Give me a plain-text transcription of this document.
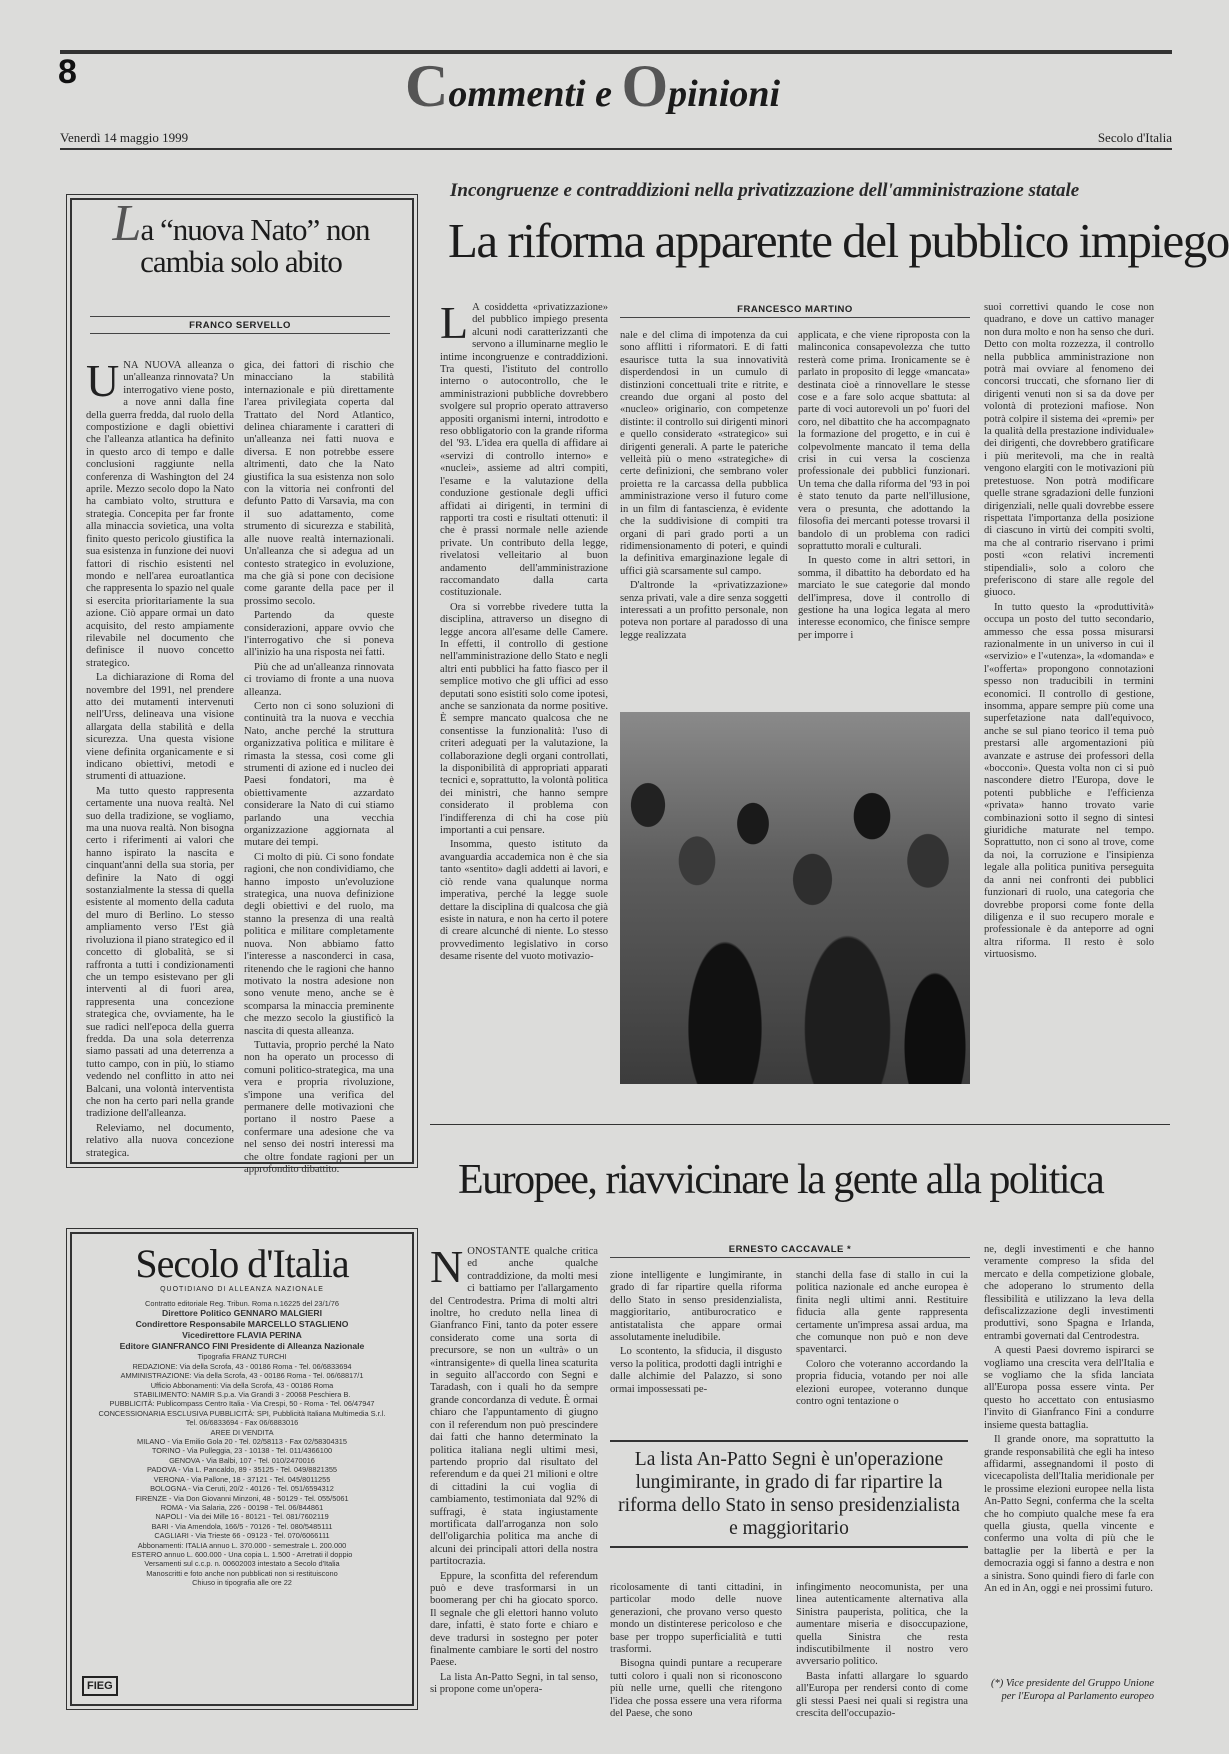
8	Commenti e Opinioni
Venerdì 14 maggio 1999	Secolo d'Italia
La “nuova Nato” non cambia solo abito
FRANCO SERVELLO

UNA NUOVA alleanza o un'alleanza rinnovata? Un interrogativo viene posto, a nove anni dalla fine della guerra fredda, dal ruolo della compostizione e dagli obiettivi che l'alleanza atlantica ha definito in questo arco di tempo e dalle conclusioni raggiunte nella conferenza di Washington del 24 aprile. Mezzo secolo dopo la Nato ha cambiato volto, struttura e strategia. Concepita per far fronte alla minaccia sovietica, una volta finito questo pericolo giustifica la sua esistenza in funzione dei nuovi fattori di rischio esistenti nel mondo e nell'area euroatlantica che rappresenta lo spazio nel quale si esercita prioritariamente la sua azione. Ciò appare ormai un dato acquisito, del resto ampiamente rilevabile nel documento che definisce il nuovo concetto strategico.

La dichiarazione di Roma del novembre del 1991, nel prendere atto dei mutamenti intervenuti nell'Urss, delineava una visione allargata della stabilità e della sicurezza. Una questa visione viene definita organicamente e si indicano obiettivi, metodi e strumenti di attuazione.

Ma tutto questo rappresenta certamente una nuova realtà. Nel suo della tradizione, se vogliamo, ma una nuova realtà. Non bisogna certo i riferimenti ai valori che hanno ispirato la nascita e cinquant'anni della sua storia, per definire la Nato di oggi sostanzialmente la stessa di quella esistente al momento della caduta del muro di Berlino. Lo stesso ampliamento verso l'Est già rivoluziona il piano strategico ed il concetto di globalità, se si raffronta a tutti i condizionamenti che un tempo esistevano per gli interventi al di fuori area, rappresenta una concezione strategica che, ovviamente, ha le sue radici nell'epoca della guerra fredda. Da una sola deterrenza siamo passati ad una deterrenza a tutto campo, con in più, lo stiamo vedendo nel conflitto in atto nei Balcani, una volontà interventista che non ha certo pari nella grande tradizione dell'alleanza.

Releviamo, nel documento, relativo alla nuova concezione strategica.

gica, dei fattori di rischio che minacciano la stabilità internazionale e più direttamente l'area privilegiata coperta dal Trattato del Nord Atlantico, delinea chiaramente i caratteri di un'alleanza nei fatti nuova e diversa. E non potrebbe essere altrimenti, dato che la Nato giustifica la sua esistenza non solo con la vittoria nei confronti del defunto Patto di Varsavia, ma con il suo adattamento, come strumento di sicurezza e stabilità, alle nuove realtà internazionali. Un'alleanza che si adegua ad un contesto strategico in evoluzione, ma che già si pone con decisione come garante della pace per il prossimo secolo.

Partendo da queste considerazioni, appare ovvio che l'interrogativo che si poneva all'inizio ha una risposta nei fatti.

Più che ad un'alleanza rinnovata ci troviamo di fronte a una nuova alleanza.

Certo non ci sono soluzioni di continuità tra la nuova e vecchia Nato, anche perché la struttura organizzativa politica e militare è rimasta la stessa, così come gli strumenti di azione ed i nucleo dei Paesi fondatori, ma è obiettivamente azzardato considerare la Nato di cui stiamo parlando una vecchia organizzazione aggiornata al mutare dei tempi.

Ci molto di più. Ci sono fondate ragioni, che non condividiamo, che hanno imposto un'evoluzione strategica, una nuova definizione degli obiettivi e del ruolo, ma stanno la presenza di una realtà politica e militare completamente nuova. Non abbiamo fatto l'interesse a nasconderci in casa, ritenendo che le ragioni che hanno motivato la nostra adesione non sono venute meno, anche se è scomparsa la minaccia preminente che mezzo secolo la giustificò la nascita di questa alleanza.

Tuttavia, proprio perché la Nato non ha operato un processo di comuni politico-strategica, ma una vera e propria rivoluzione, s'impone una verifica del permanere delle motivazioni che portano il nostro Paese a confermare una adesione che va nel senso dei nostri interessi ma che oltre fondate ragioni per un approfondito dibattito.

Secolo d'Italia
QUOTIDIANO DI ALLEANZA NAZIONALE
Contratto editoriale Reg. Tribun. Roma n.16225 del 23/1/76
Direttore Politico GENNARO MALGIERI
Condirettore Responsabile MARCELLO STAGLIENO
Vicedirettore FLAVIA PERINA
Editore GIANFRANCO FINI Presidente di Alleanza Nazionale
Tipografia FRANZ TURCHI
REDAZIONE: Via della Scrofa, 43 - 00186 Roma - Tel. 06/6833694
AMMINISTRAZIONE: Via della Scrofa, 43 - 00186 Roma - Tel. 06/68817/1
Ufficio Abbonamenti: Via della Scrofa, 43 - 00186 Roma
STABILIMENTO: NAMIR S.p.a. Via Grandi 3 - 20068 Peschiera B.
PUBBLICITÀ: Publicompass Centro Italia - Via Crespi, 50 - Roma - Tel. 06/47947
CONCESSIONARIA ESCLUSIVA PUBBLICITÀ: SPI, Pubblicità Italiana Multimedia S.r.l.
Tel. 06/6833694 - Fax 06/6883016
AREE DI VENDITA
MILANO - Via Emilio Gola 20 - Tel. 02/58113 - Fax 02/58304315
TORINO - Via Pulleggia, 23 - 10138 - Tel. 011/4366100
GENOVA - Via Balbi, 107 - Tel. 010/2470016
PADOVA - Via L. Pancaldo, 89 - 35125 - Tel. 049/8821355
VERONA - Via Pallone, 18 - 37121 - Tel. 045/8011255
BOLOGNA - Via Ceruti, 20/2 - 40126 - Tel. 051/6594312
FIRENZE - Via Don Giovanni Minzoni, 48 - 50129 - Tel. 055/5061
ROMA - Via Salaria, 226 - 00198 - Tel. 06/844861
NAPOLI - Via dei Mille 16 - 80121 - Tel. 081/7602119
BARI - Via Amendola, 166/5 - 70126 - Tel. 080/5485111
CAGLIARI - Via Trieste 66 - 09123 - Tel. 070/6066111
Abbonamenti: ITALIA annuo L. 370.000 - semestrale L. 200.000
ESTERO annuo L. 600.000 - Una copia L. 1.500 - Arretrati il doppio
Versamenti sul c.c.p. n. 00602003 intestato a Secolo d'Italia
Manoscritti e foto anche non pubblicati non si restituiscono
Chiuso in tipografia alle ore 22
FIEG
Incongruenze e contraddizioni nella privatizzazione dell'amministrazione statale
La riforma apparente del pubblico impiego

L A cosiddetta «privatizzazione» del pubblico impiego presenta alcuni nodi caratterizzanti che servono a illuminarne meglio le intime incongruenze e contraddizioni. Tra questi, l'istituto del controllo interno o autocontrollo, che le amministrazioni pubbliche dovrebbero svolgere sul proprio operato attraverso appositi organismi interni, introdotto e reso obbligatorio con la grande riforma del '93. L'idea era quella di affidare ai «servizi di controllo interno» e «nuclei», assieme ad altri compiti, l'esame e la valutazione della conduzione gestionale degli uffici affidati ai dirigenti, in termini di rapporti tra costi e risultati ottenuti: il che è prassi normale nelle aziende private. Un contributo della legge, rivelatosi velleitario al buon andamento dell'amministrazione raccomandato dalla carta costituzionale.

Ora si vorrebbe rivedere tutta la disciplina, attraverso un disegno di legge ancora all'esame delle Camere. In effetti, il controllo di gestione nell'amministrazione dello Stato e negli altri enti pubblici ha fatto fiasco per il semplice motivo che gli uffici ad esso deputati sono esistiti solo come ipotesi, anche se sanzionata da norme positive. È sempre mancato qualcosa che ne consentisse la funzionalità: l'uso di criteri adeguati per la valutazione, la collaborazione degli organi controllati, la disponibilità di appropriati apparati tecnici e, soprattutto, la volontà politica dei ministri, che hanno sempre considerato il problema con l'indifferenza di chi ha cose più importanti a cui pensare.

Insomma, questo istituto da avanguardia accademica non è che sia tanto «sentito» dagli addetti ai lavori, e ciò rende vana qualunque norma imperativa, perché la legge suole dettare la disciplina di qualcosa che già esiste in natura, e non ha certo il potere di creare alcunché di niente. Lo stesso provvedimento legislativo in corso desame risente del vuoto motivazio-

FRANCESCO MARTINO

nale e del clima di impotenza da cui sono afflitti i riformatori. E di fatti esaurisce tutta la sua innovatività disperdendosi in un cumulo di distinzioni concettuali trite e ritrite, e creando due organi al posto del «nucleo» originario, con competenze distinte: il controllo sui dirigenti minori e quello considerato «strategico» sui dirigenti generali. A parte le pateriche velleità più o meno «strategiche» di certe definizioni, che sembrano voler proietta re la carcassa della pubblica amministrazione verso il futuro come in un film di fantascienza, è evidente che la suddivisione di compiti tra organi di pari grado porti a un ridimensionamento di poteri, e quindi la definitiva emarginazione legale di uffici già scarsamente sul campo.

D'altronde la «privatizzazione» senza privati, vale a dire senza soggetti interessati a un profitto personale, non poteva non portare al paradosso di una legge realizzata

applicata, e che viene riproposta con la malinconica consapevolezza che tutto resterà come prima. Ironicamente se è parlato in proposito di legge «mancata» destinata cioè a rinnovellare le stesse cose e a fare solo acque sbattuta: al parte di voci autorevoli un po' fuori del coro, nel dibattito che ha accompagnato la formazione del progetto, e in cui è colpevolmente mancato il tema della crisi in cui versa la coscienza professionale dei pubblici funzionari. Un tema che dalla riforma del '93 in poi è stato tenuto da parte nell'illusione, vera o presunta, che adottando la filosofia dei mercanti potesse trovarsi il bandolo di un problema con radici soprattutto morali e culturali.

In questo come in altri settori, in somma, il dibattito ha debordato ed ha marciato le sue categorie dal mondo dell'impresa, dove il controllo di gestione ha una logica legata al mero interesse economico, che finisce sempre per imporre i

suoi correttivi quando le cose non quadrano, e dove un cattivo manager non dura molto e non ha senso che duri. Detto con molta rozzezza, il controllo nella pubblica amministrazione non potrà mai ovviare al fenomeno dei concorsi truccati, che sfornano lìer di dirigenti venuti non si sa da dove per volontà di protezioni mafiose. Non potrà colpire il sistema dei «premi» per la qualità della prestazione individuale» dei dirigenti, che dovrebbero gratificare i più meritevoli, ma che in realtà vengono elargiti con le motivazioni più pretestuose. Non potrà modificare quelle strane sgradazioni delle funzioni dirigenziali, nelle quali dovrebbe essere rispettata l'importanza della posizione di ciascuno in virtù dei compiti svolti, ma che al contrario riservano i primi posti «con relativi incrementi stipendiali», solo a coloro che preferiscono di stare alle regole del giuoco.

In tutto questo la «produttività» occupa un posto del tutto secondario, ammesso che essa possa misurarsi razionalmente in un universo in cui il «servizio» e l'«utenza», la «domanda» e l'«offerta» propongono connotazioni spesso non traducibili in termini economici. Il controllo di gestione, insomma, appare sempre più come una superfetazione nata dall'equivoco, anche se sul piano teorico il tema può prestarsi alle argomentazioni più avanzate e astruse dei professori della «bocconi». Questa volta non ci si può nascondere dietro l'Europa, dove le potenti pubbliche e l'efficienza «privata» hanno trovato varie combinazioni sotto il segno di sintesi giuridiche maturate nel tempo. Soprattutto, non ci sono al trove, come da noi, la corruzione e l'insipienza legale alla politica punitiva perseguita da anni nei confronti dei pubblici funzionari di ruolo, una categoria che dovrebbe proporsi come fonte della diligenza e il suo recupero morale e professionale è da anteporre ad ogni altra riforma. Il resto è solo virtuosismo.

Europee, riavvicinare la gente alla politica

NONOSTANTE qualche critica ed anche qualche contraddizione, da molti mesi ci battiamo per l'allargamento del Centrodestra. Prima di molti altri inoltre, ho creduto nella linea di Gianfranco Fini, tanto da poter essere considerato come una sorta di precursore, se non un «ultrà» o un «intransigente» di quella linea scaturita in seguito all'accordo con Segni e Taradash, con i quali ho da sempre grande concordanza di vedute. È ormai chiaro che l'appuntamento di giugno con il referendum non può prescindere dai fatti che hanno determinato la politica italiana negli ultimi mesi, partendo proprio dal risultato del referendum e da quei 21 milioni e oltre di cittadini la cui voglia di cambiamento, testimoniata dal 92% di suffragi, è stata ingiustamente mortificata dall'arroganza non solo dell'oligarchia politica ma anche di alcuni dei principali attori della nostra partitocrazia.

Eppure, la sconfitta del referendum può e deve trasformarsi in un boomerang per chi ha giocato sporco. Il segnale che gli elettori hanno voluto dare, infatti, è stato forte e chiaro e deve tradursi in sostegno per poter finalmente cambiare le sorti del nostro Paese.

La lista An-Patto Segni, in tal senso, si propone come un'opera-

ERNESTO CACCAVALE *

zione intelligente e lungimirante, in grado di far ripartire quella riforma dello Stato in senso presidenzialista, maggioritario, antiburocratico e antistatalista che appare ormai assolutamente ineludibile.

Lo scontento, la sfiducia, il disgusto verso la politica, prodotti dagli intrighi e dalle alchimie del Palazzo, si sono ormai impossessati pe-

stanchi della fase di stallo in cui la politica nazionale ed anche europea è finita negli ultimi anni. Restituire fiducia alla gente rappresenta certamente un'impresa assai ardua, ma che comunque non può e non deve spaventarci.

Coloro che voteranno accordando la propria fiducia, votando per noi alle elezioni europee, voteranno dunque contro ogni tentazione o

La lista An-Patto Segni è un'operazione lungimirante, in grado di far ripartire la riforma dello Stato in senso presidenzialista e maggioritario

ricolosamente di tanti cittadini, in particolar modo delle nuove generazioni, che provano verso questo mondo un distinterese pericoloso e che base per troppo superficialità e tutti trasformi.

Bisogna quindi puntare a recuperare tutti coloro i quali non si riconoscono più nelle urne, quelli che ritengono l'idea che possa essere una vera riforma del Paese, che sono

infingimento neocomunista, per una linea autenticamente alternativa alla Sinistra pauperista, politica, che la aumentare miseria e disoccupazione, quella Sinistra che resta indiscutibilmente il nostro vero avversario politico.

Basta infatti allargare lo sguardo all'Europa per rendersi conto di come gli stessi Paesi nei quali si registra una crescita dell'occupazio-

ne, degli investimenti e che hanno veramente compreso la sfida del mercato e della competizione globale, che adoperano lo strumento della flessibilità e utilizzano la leva della defiscalizzazione degli investimenti produttivi, sono Spagna e Irlanda, entrambi governati dal Centrodestra.

A questi Paesi dovremo ispirarci se vogliamo una crescita vera dell'Italia e se vogliamo che la sfida lanciata all'Europa possa essere vinta. Per questo ho accettato con entusiasmo l'invito di Gianfranco Fini a condurre insieme questa battaglia.

Il grande onore, ma soprattutto la grande responsabilità che egli ha inteso affidarmi, assegnandomi il posto di vicecapolista dell'Italia meridionale per le prossime elezioni europee nella lista An-Patto Segni, conferma che la scelta che ho compiuto qualche mese fa era quella giusta, quella vincente e confermo una volta di più che le battaglie per la libertà e per la democrazia oggi si fanno a destra e non a sinistra. Sono quindi fiero di farle con An ed in An, oggi e nei prossimi futuro.

(*) Vice presidente del Gruppo Unione per l'Europa al Parlamento europeo
